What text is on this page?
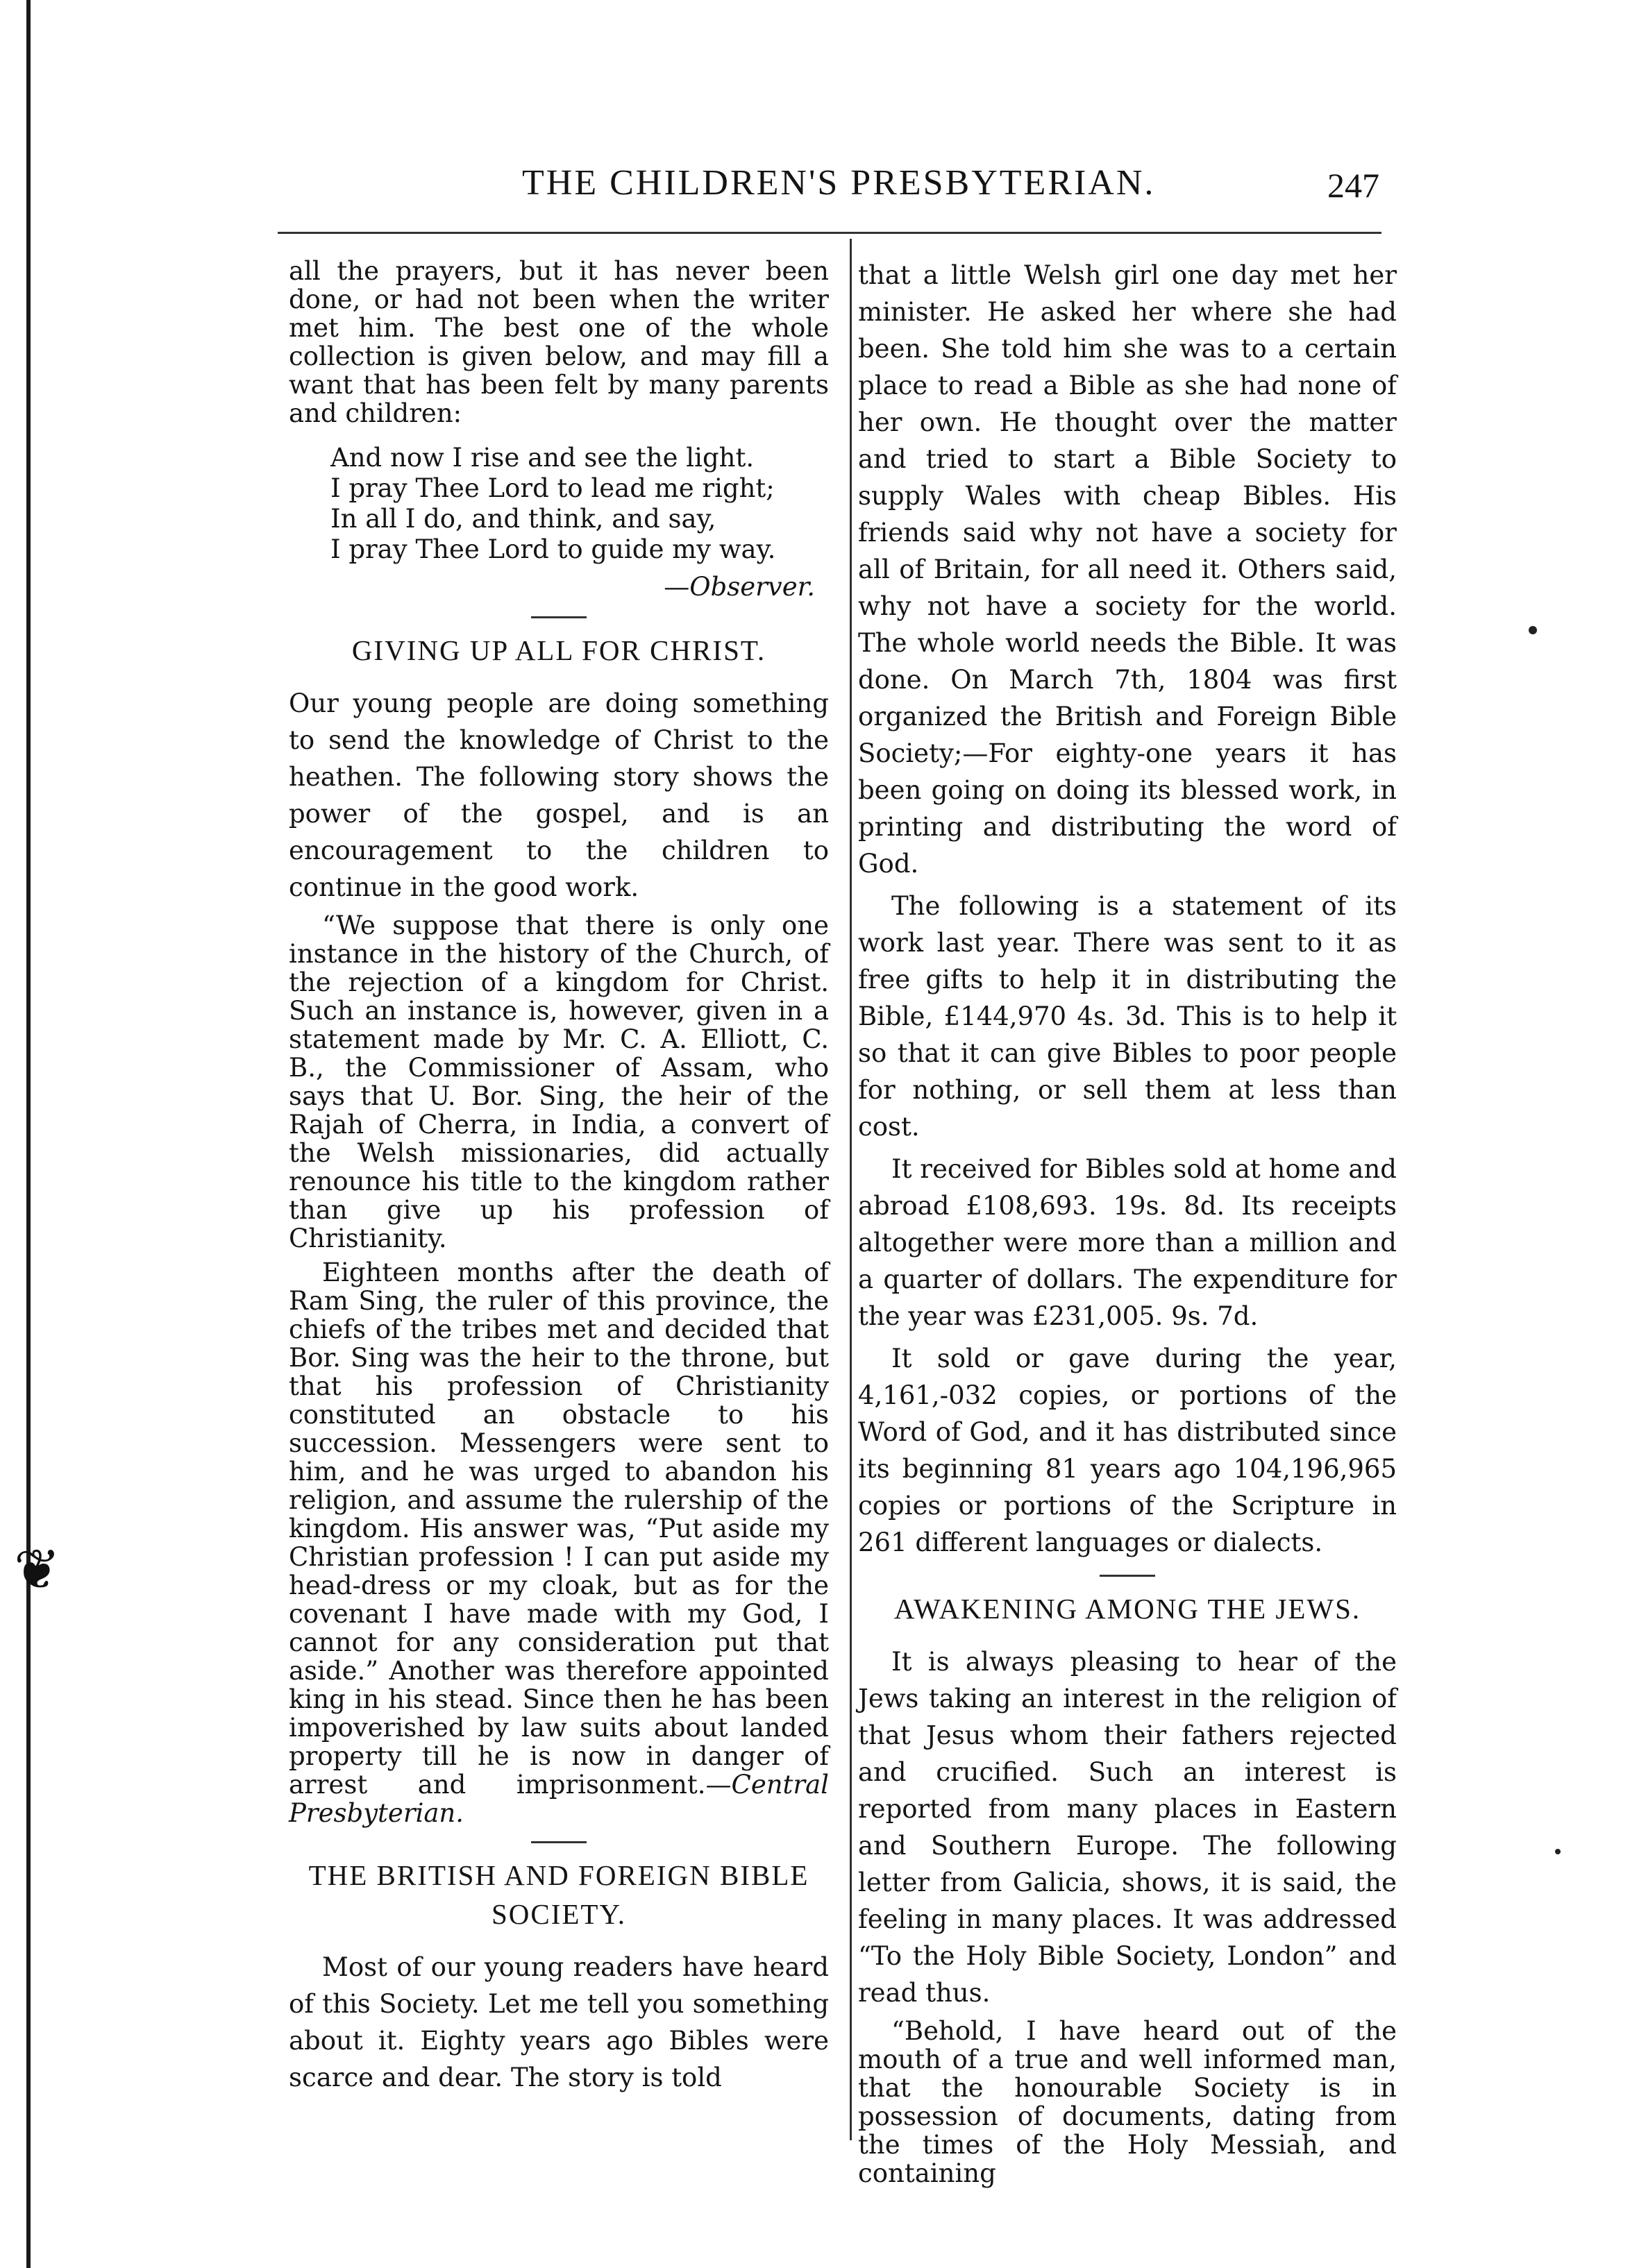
❦
THE CHILDREN'S PRESBYTERIAN.	247

all the prayers, but it has never been done, or had not been when the writer met him. The best one of the whole collection is given below, and may fill a want that has been felt by many parents and children:

And now I rise and see the light.
I pray Thee Lord to lead me right;
In all I do, and think, and say,
I pray Thee Lord to guide my way.

—Observer.

GIVING UP ALL FOR CHRIST.

Our young people are doing something to send the knowledge of Christ to the heathen. The following story shows the power of the gospel, and is an encouragement to the children to continue in the good work.

“We suppose that there is only one instance in the history of the Church, of the rejection of a kingdom for Christ. Such an instance is, however, given in a statement made by Mr. C. A. Elliott, C. B., the Commissioner of Assam, who says that U. Bor. Sing, the heir of the Rajah of Cherra, in India, a convert of the Welsh missionaries, did actually renounce his title to the kingdom rather than give up his profession of Christianity.

Eighteen months after the death of Ram Sing, the ruler of this province, the chiefs of the tribes met and decided that Bor. Sing was the heir to the throne, but that his profession of Christianity constituted an obstacle to his succession. Messengers were sent to him, and he was urged to abandon his religion, and assume the rulership of the kingdom. His answer was, “Put aside my Christian profession ! I can put aside my head-dress or my cloak, but as for the covenant I have made with my God, I cannot for any consideration put that aside.” Another was therefore appointed king in his stead. Since then he has been impoverished by law suits about landed property till he is now in danger of arrest and imprisonment.—Central Presbyterian.

THE BRITISH AND FOREIGN BIBLE SOCIETY.

Most of our young readers have heard of this Society. Let me tell you something about it. Eighty years ago Bibles were scarce and dear. The story is told

that a little Welsh girl one day met her minister. He asked her where she had been. She told him she was to a certain place to read a Bible as she had none of her own. He thought over the matter and tried to start a Bible Society to supply Wales with cheap Bibles. His friends said why not have a society for all of Britain, for all need it. Others said, why not have a society for the world. The whole world needs the Bible. It was done. On March 7th, 1804 was first organized the British and Foreign Bible Society;—For eighty-one years it has been going on doing its blessed work, in printing and distributing the word of God.

The following is a statement of its work last year. There was sent to it as free gifts to help it in distributing the Bible, £144,970 4s. 3d. This is to help it so that it can give Bibles to poor people for nothing, or sell them at less than cost.

It received for Bibles sold at home and abroad £108,693. 19s. 8d. Its receipts altogether were more than a million and a quarter of dollars. The expenditure for the year was £231,005. 9s. 7d.

It sold or gave during the year, 4,161,-032 copies, or portions of the Word of God, and it has distributed since its beginning 81 years ago 104,196,965 copies or portions of the Scripture in 261 different languages or dialects.

AWAKENING AMONG THE JEWS.

It is always pleasing to hear of the Jews taking an interest in the religion of that Jesus whom their fathers rejected and crucified. Such an interest is reported from many places in Eastern and Southern Europe. The following letter from Galicia, shows, it is said, the feeling in many places. It was addressed “To the Holy Bible Society, London” and read thus.

“Behold, I have heard out of the mouth of a true and well informed man, that the honourable Society is in possession of documents, dating from the times of the Holy Messiah, and containing
